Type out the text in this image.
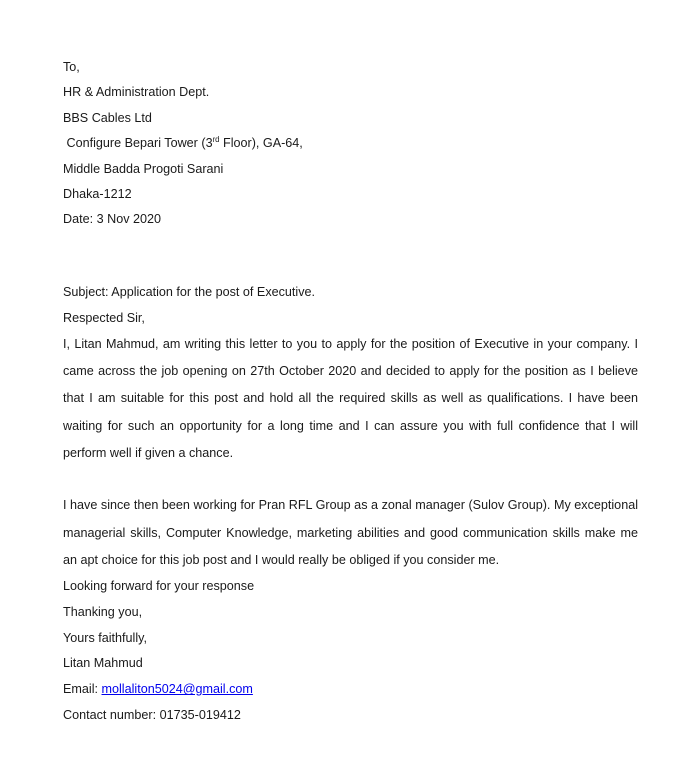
To,
HR & Administration Dept.
BBS Cables Ltd
Configure Bepari Tower (3rd Floor), GA-64,
Middle Badda Progoti Sarani
Dhaka-1212
Date: 3 Nov 2020
Subject: Application for the post of Executive.
Respected Sir,

I, Litan Mahmud, am writing this letter to you to apply for the position of Executive in your company. I came across the job opening on 27th October 2020 and decided to apply for the position as I believe that I am suitable for this post and hold all the required skills as well as qualifications. I have been waiting for such an opportunity for a long time and I can assure you with full confidence that I will perform well if given a chance.

I have since then been working for Pran RFL Group as a zonal manager (Sulov Group). My exceptional managerial skills, Computer Knowledge, marketing abilities and good communication skills make me an apt choice for this job post and I would really be obliged if you consider me.

Looking forward for your response
Thanking you,
Yours faithfully,
Litan Mahmud
Email: mollaliton5024@gmail.com
Contact number: 01735-019412
